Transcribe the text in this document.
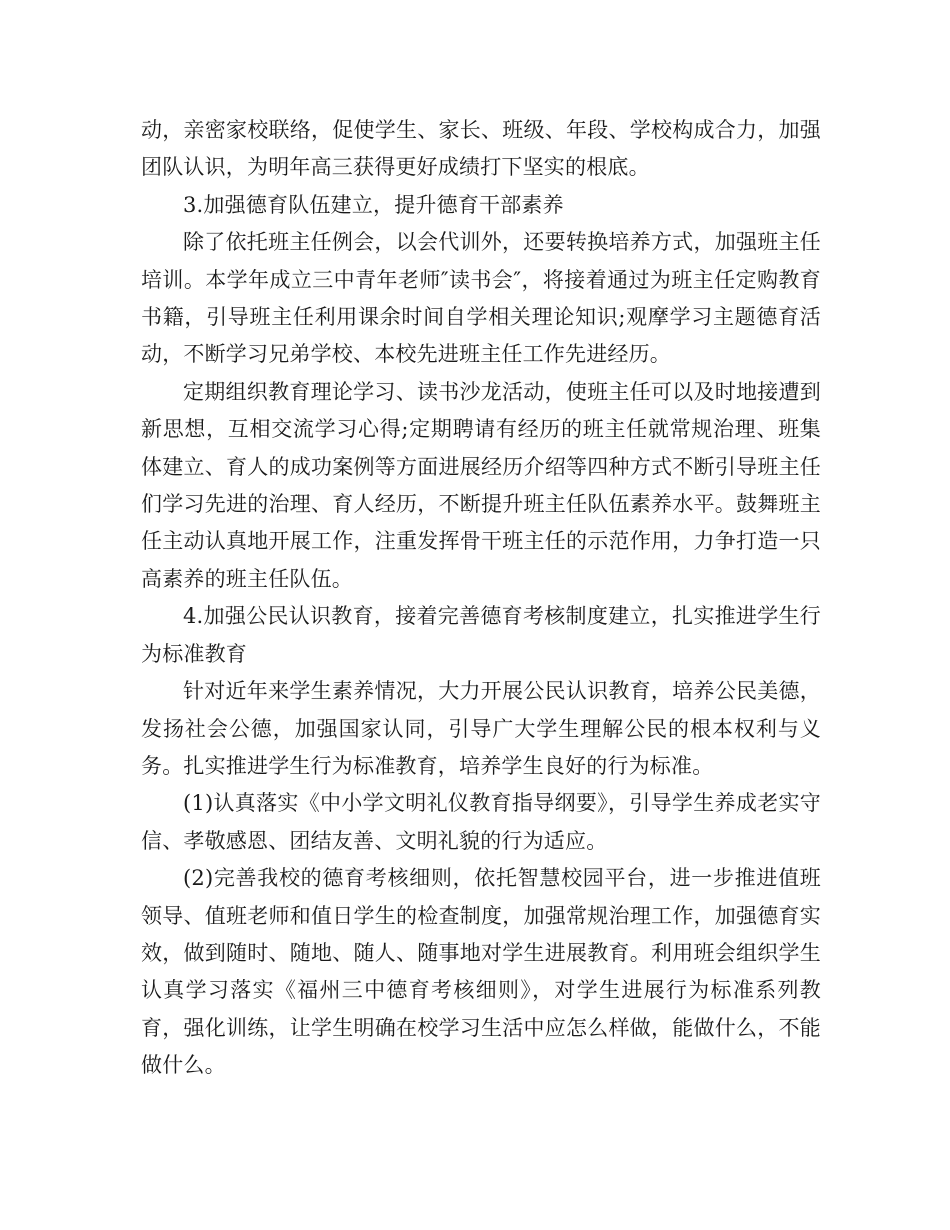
动，亲密家校联络，促使学生、家长、班级、年段、学校构成合力，加强团队认识，为明年高三获得更好成绩打下坚实的根底。

3.加强德育队伍建立，提升德育干部素养

除了依托班主任例会，以会代训外，还要转换培养方式，加强班主任培训。本学年成立三中青年老师″读书会″，将接着通过为班主任定购教育书籍，引导班主任利用课余时间自学相关理论知识;观摩学习主题德育活动，不断学习兄弟学校、本校先进班主任工作先进经历。

定期组织教育理论学习、读书沙龙活动，使班主任可以及时地接遭到新思想，互相交流学习心得;定期聘请有经历的班主任就常规治理、班集体建立、育人的成功案例等方面进展经历介绍等四种方式不断引导班主任们学习先进的治理、育人经历，不断提升班主任队伍素养水平。鼓舞班主任主动认真地开展工作，注重发挥骨干班主任的示范作用，力争打造一只高素养的班主任队伍。

4.加强公民认识教育，接着完善德育考核制度建立，扎实推进学生行为标准教育

针对近年来学生素养情况，大力开展公民认识教育，培养公民美德，发扬社会公德，加强国家认同，引导广大学生理解公民的根本权利与义务。扎实推进学生行为标准教育，培养学生良好的行为标准。

(1)认真落实《中小学文明礼仪教育指导纲要》，引导学生养成老实守信、孝敬感恩、团结友善、文明礼貌的行为适应。

(2)完善我校的德育考核细则，依托智慧校园平台，进一步推进值班领导、值班老师和值日学生的检查制度，加强常规治理工作，加强德育实效，做到随时、随地、随人、随事地对学生进展教育。利用班会组织学生认真学习落实《福州三中德育考核细则》，对学生进展行为标准系列教育，强化训练，让学生明确在校学习生活中应怎么样做，能做什么，不能做什么。
